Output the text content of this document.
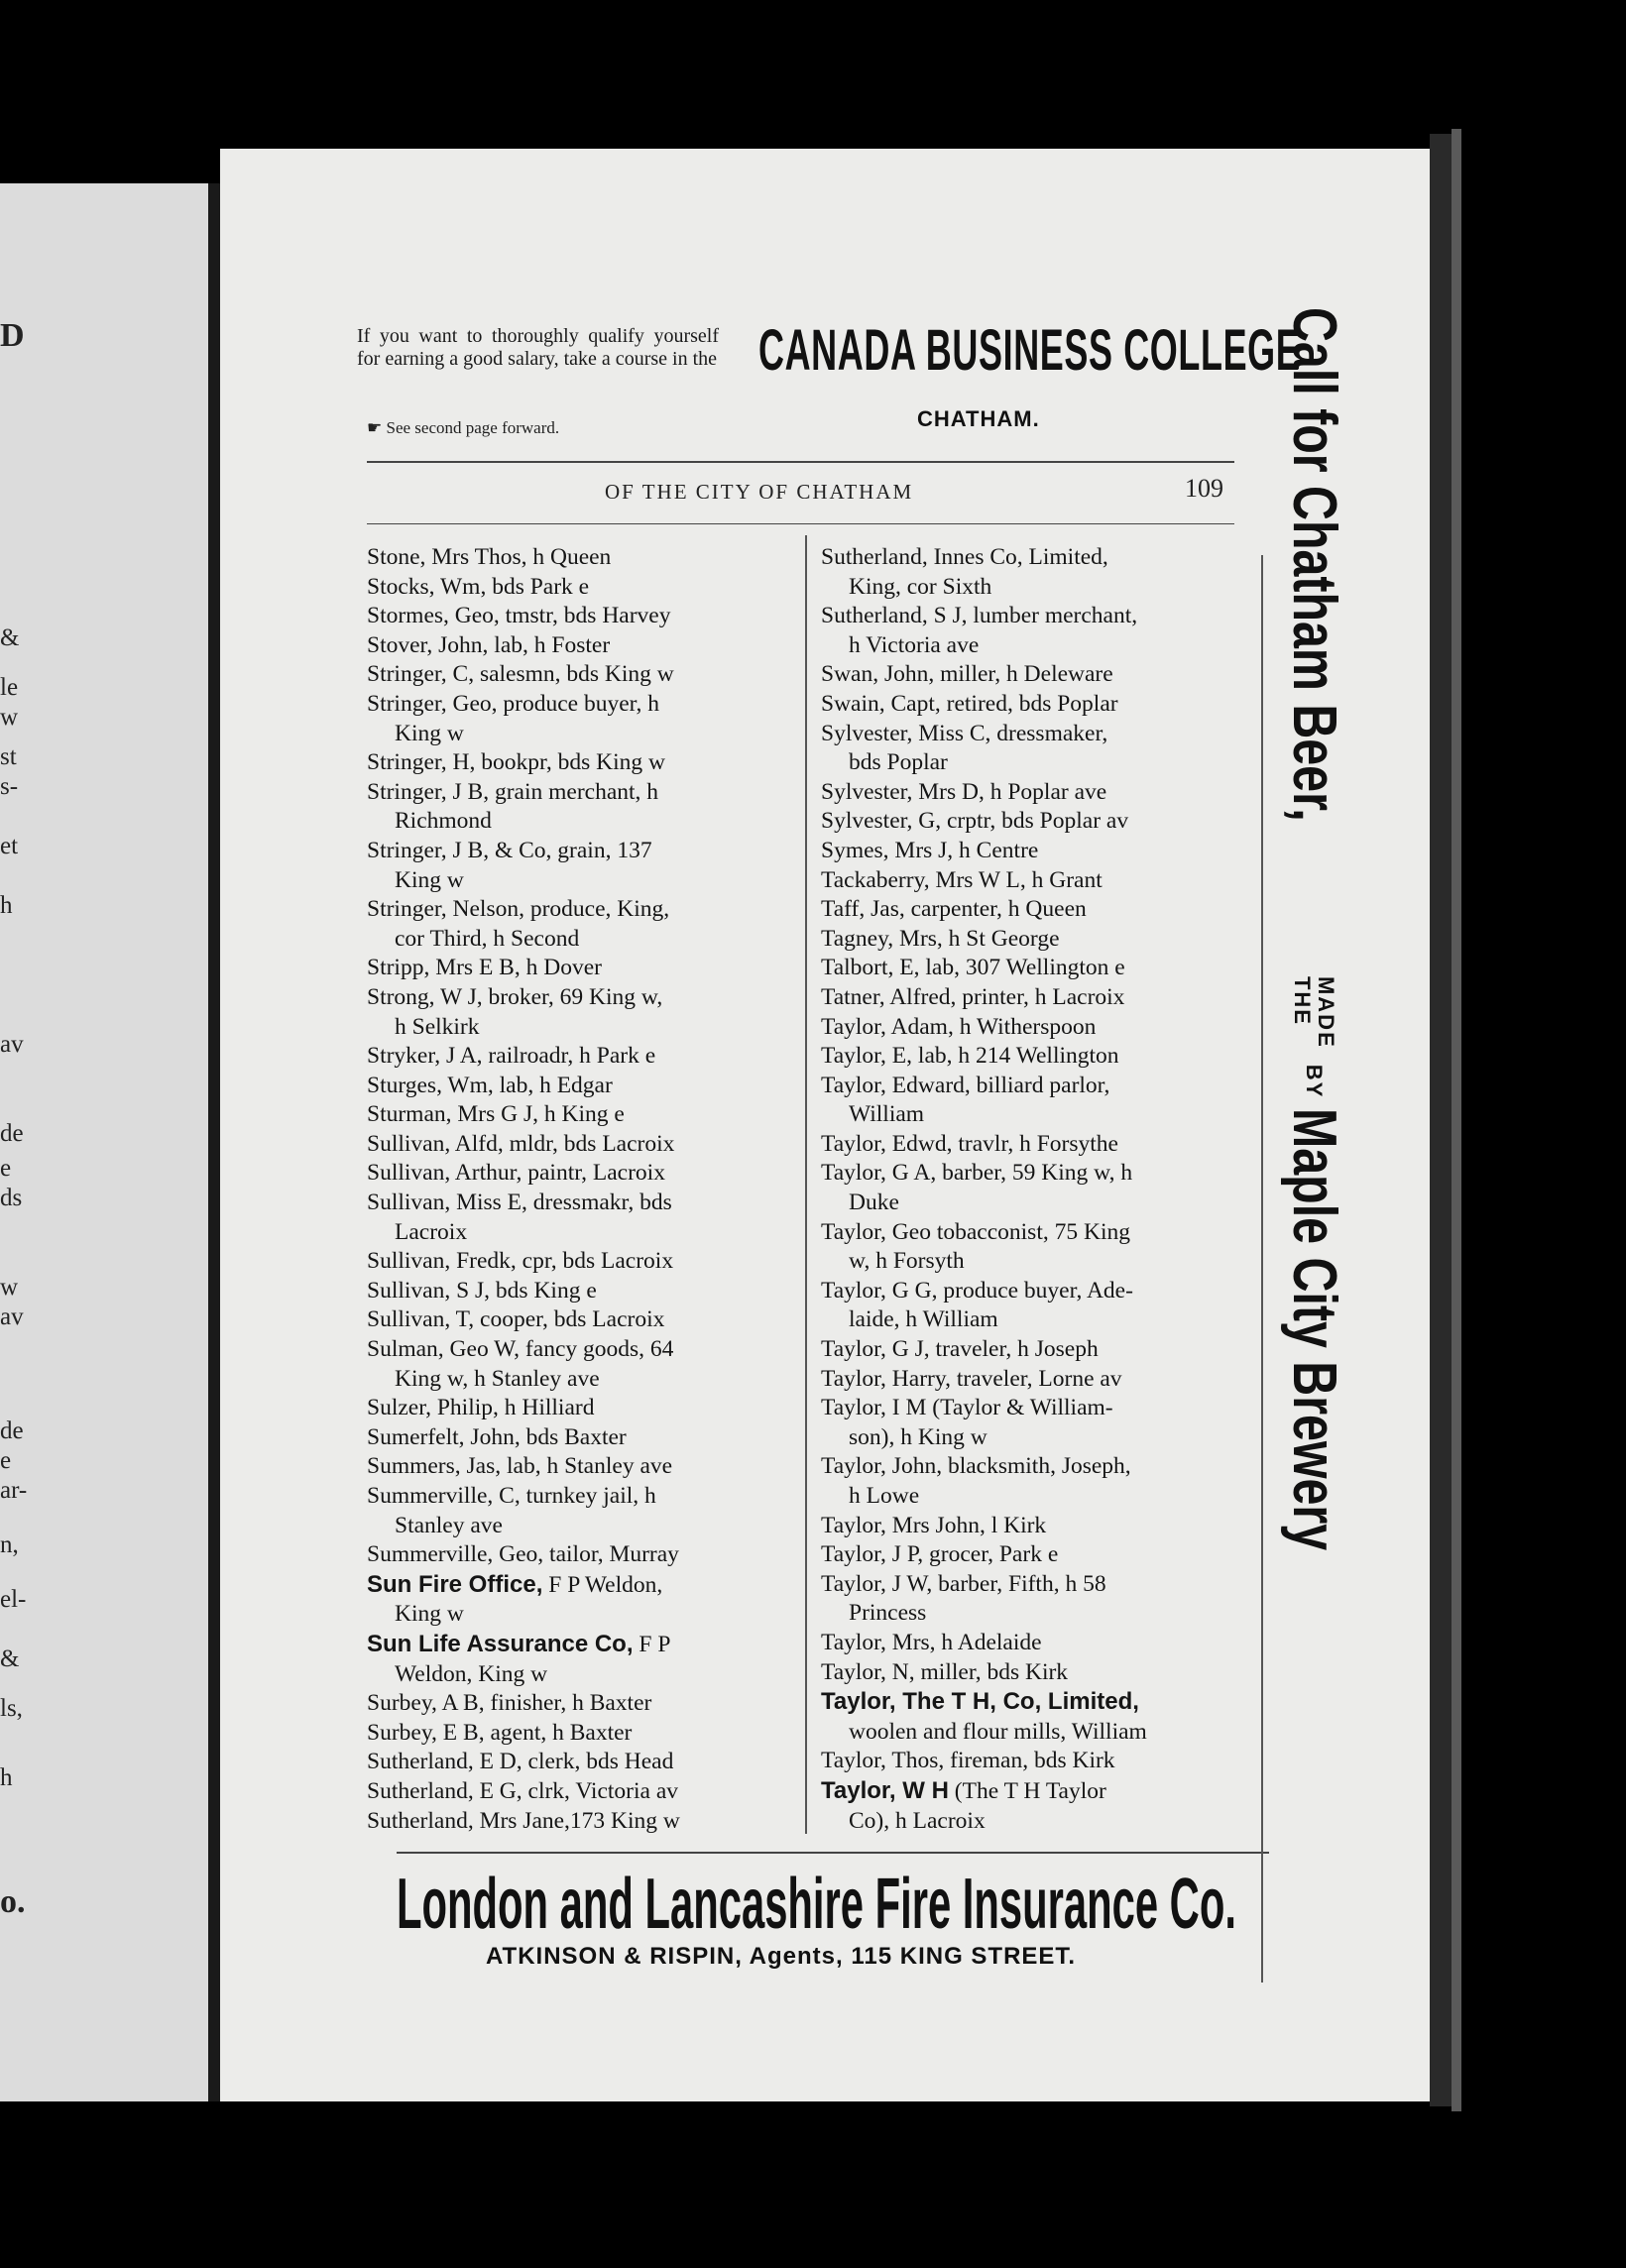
D
&
le
w
st
s-
et
h
av
de
e
ds
w
av
de
e
ar-
n,
el-
&
ls,
h
o.
If you want to thoroughly qualify yourself for earning a good salary, take a course in the
☛ See second page forward.
CANADA BUSINESS COLLEGE
CHATHAM.
OF THE CITY OF CHATHAM	109
Stone, Mrs Thos, h Queen
Stocks, Wm, bds Park e
Stormes, Geo, tmstr, bds Harvey
Stover, John, lab, h Foster
Stringer, C, salesmn, bds King w
Stringer, Geo, produce buyer, h
King w
Stringer, H, bookpr, bds King w
Stringer, J B, grain merchant, h
Richmond
Stringer, J B, & Co, grain, 137
King w
Stringer, Nelson, produce, King,
cor Third, h Second
Stripp, Mrs E B, h Dover
Strong, W J, broker, 69 King w,
h Selkirk
Stryker, J A, railroadr, h Park e
Sturges, Wm, lab, h Edgar
Sturman, Mrs G J, h King e
Sullivan, Alfd, mldr, bds Lacroix
Sullivan, Arthur, paintr, Lacroix
Sullivan, Miss E, dressmakr, bds
Lacroix
Sullivan, Fredk, cpr, bds Lacroix
Sullivan, S J, bds King e
Sullivan, T, cooper, bds Lacroix
Sulman, Geo W, fancy goods, 64
King w, h Stanley ave
Sulzer, Philip, h Hilliard
Sumerfelt, John, bds Baxter
Summers, Jas, lab, h Stanley ave
Summerville, C, turnkey jail, h
Stanley ave
Summerville, Geo, tailor, Murray
Sun Fire Office, F P Weldon,
King w
Sun Life Assurance Co, F P
Weldon, King w
Surbey, A B, finisher, h Baxter
Surbey, E B, agent, h Baxter
Sutherland, E D, clerk, bds Head
Sutherland, E G, clrk, Victoria av
Sutherland, Mrs Jane,173 King w
Sutherland, Innes Co, Limited,
King, cor Sixth
Sutherland, S J, lumber merchant,
h Victoria ave
Swan, John, miller, h Deleware
Swain, Capt, retired, bds Poplar
Sylvester, Miss C, dressmaker,
bds Poplar
Sylvester, Mrs D, h Poplar ave
Sylvester, G, crptr, bds Poplar av
Symes, Mrs J, h Centre
Tackaberry, Mrs W L, h Grant
Taff, Jas, carpenter, h Queen
Tagney, Mrs, h St George
Talbort, E, lab, 307 Wellington e
Tatner, Alfred, printer, h Lacroix
Taylor, Adam, h Witherspoon
Taylor, E, lab, h 214 Wellington
Taylor, Edward, billiard parlor,
William
Taylor, Edwd, travlr, h Forsythe
Taylor, G A, barber, 59 King w, h
Duke
Taylor, Geo tobacconist, 75 King
w, h Forsyth
Taylor, G G, produce buyer, Ade-
laide, h William
Taylor, G J, traveler, h Joseph
Taylor, Harry, traveler, Lorne av
Taylor, I M (Taylor & William-
son), h King w
Taylor, John, blacksmith, Joseph,
h Lowe
Taylor, Mrs John, l Kirk
Taylor, J P, grocer, Park e
Taylor, J W, barber, Fifth, h 58
Princess
Taylor, Mrs, h Adelaide
Taylor, N, miller, bds Kirk
Taylor, The T H, Co, Limited,
woolen and flour mills, William
Taylor, Thos, fireman, bds Kirk
Taylor, W H (The T H Taylor
Co), h Lacroix
London and Lancashire Fire Insurance Co.
ATKINSON & RISPIN, Agents, 115 KING STREET.
Call for Chatham Beer, MADE
THE BY Maple City Brewery
